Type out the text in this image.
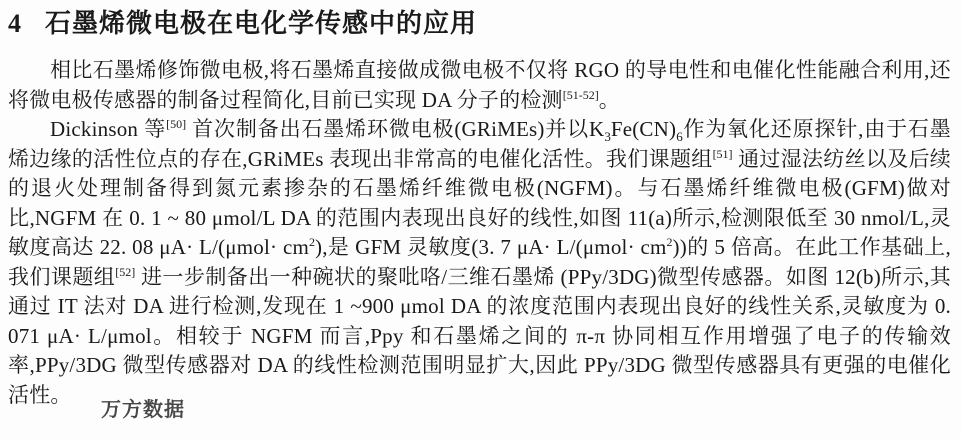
4 石墨烯微电极在电化学传感中的应用

相比石墨烯修饰微电极,将石墨烯直接做成微电极不仅将 RGO 的导电性和电催化性能融合利用,还将微电极传感器的制备过程简化,目前已实现 DA 分子的检测[51-52]。

Dickinson 等[50] 首次制备出石墨烯环微电极(GRiMEs)并以$K_3Fe(CN)_6$作为氧化还原探针,由于石墨烯边缘的活性位点的存在,GRiMEs 表现出非常高的电催化活性。我们课题组[51] 通过湿法纺丝以及后续的退火处理制备得到氮元素掺杂的石墨烯纤维微电极(NGFM)。与石墨烯纤维微电极(GFM)做对比,NGFM 在 0. 1 ~ 80 μmol/L DA 的范围内表现出良好的线性,如图 11(a)所示,检测限低至 30 nmol/L,灵敏度高达 22. 08 $\mu A\cdot L/(\mu mol\cdot cm^2)$,是 GFM 灵敏度(3. 7 $\mu A\cdot L/(\mu mol\cdot cm^2)$)的 5 倍高。在此工作基础上,我们课题组[52] 进一步制备出一种碗状的聚吡咯/三维石墨烯 (PPy/3DG)微型传感器。如图 12(b)所示,其通过 IT 法对 DA 进行检测,发现在 1 ~900 μmol DA 的浓度范围内表现出良好的线性关系,灵敏度为 0. 071 μA· L/μmol。相较于 NGFM 而言,Ppy 和石墨烯之间的 π-π 协同相互作用增强了电子的传输效率,PPy/3DG 微型传感器对 DA 的线性检测范围明显扩大,因此 PPy/3DG 微型传感器具有更强的电催化活性。

万方数据
